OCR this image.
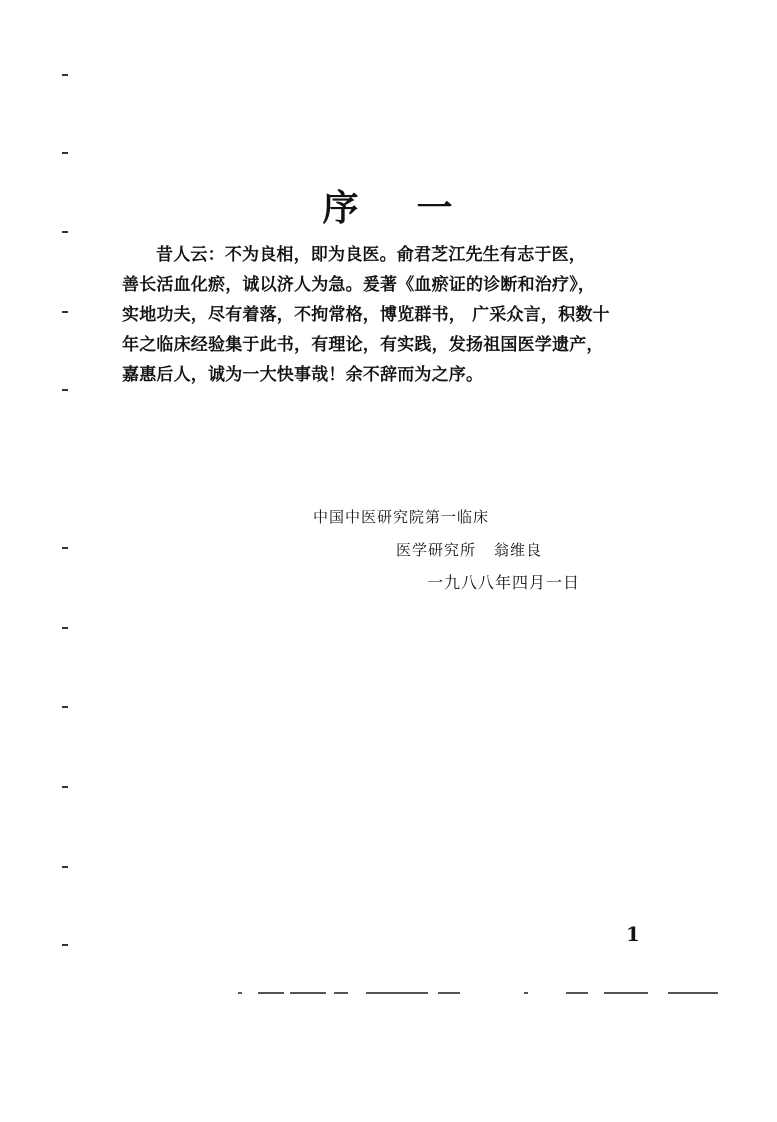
序 一

昔人云：不为良相，即为良医。俞君芝江先生有志于医，

善长活血化瘀，诚以济人为急。爰著《血瘀证的诊断和治疗》，

实地功夫，尽有着落，不拘常格，博览群书， 广采众言，积数十

年之临床经验集于此书，有理论，有实践，发扬祖国医学遗产，

嘉惠后人，诚为一大快事哉！余不辞而为之序。

中国中医研究院第一临床
医学研究所 翁维良
一九八八年四月一日
1
